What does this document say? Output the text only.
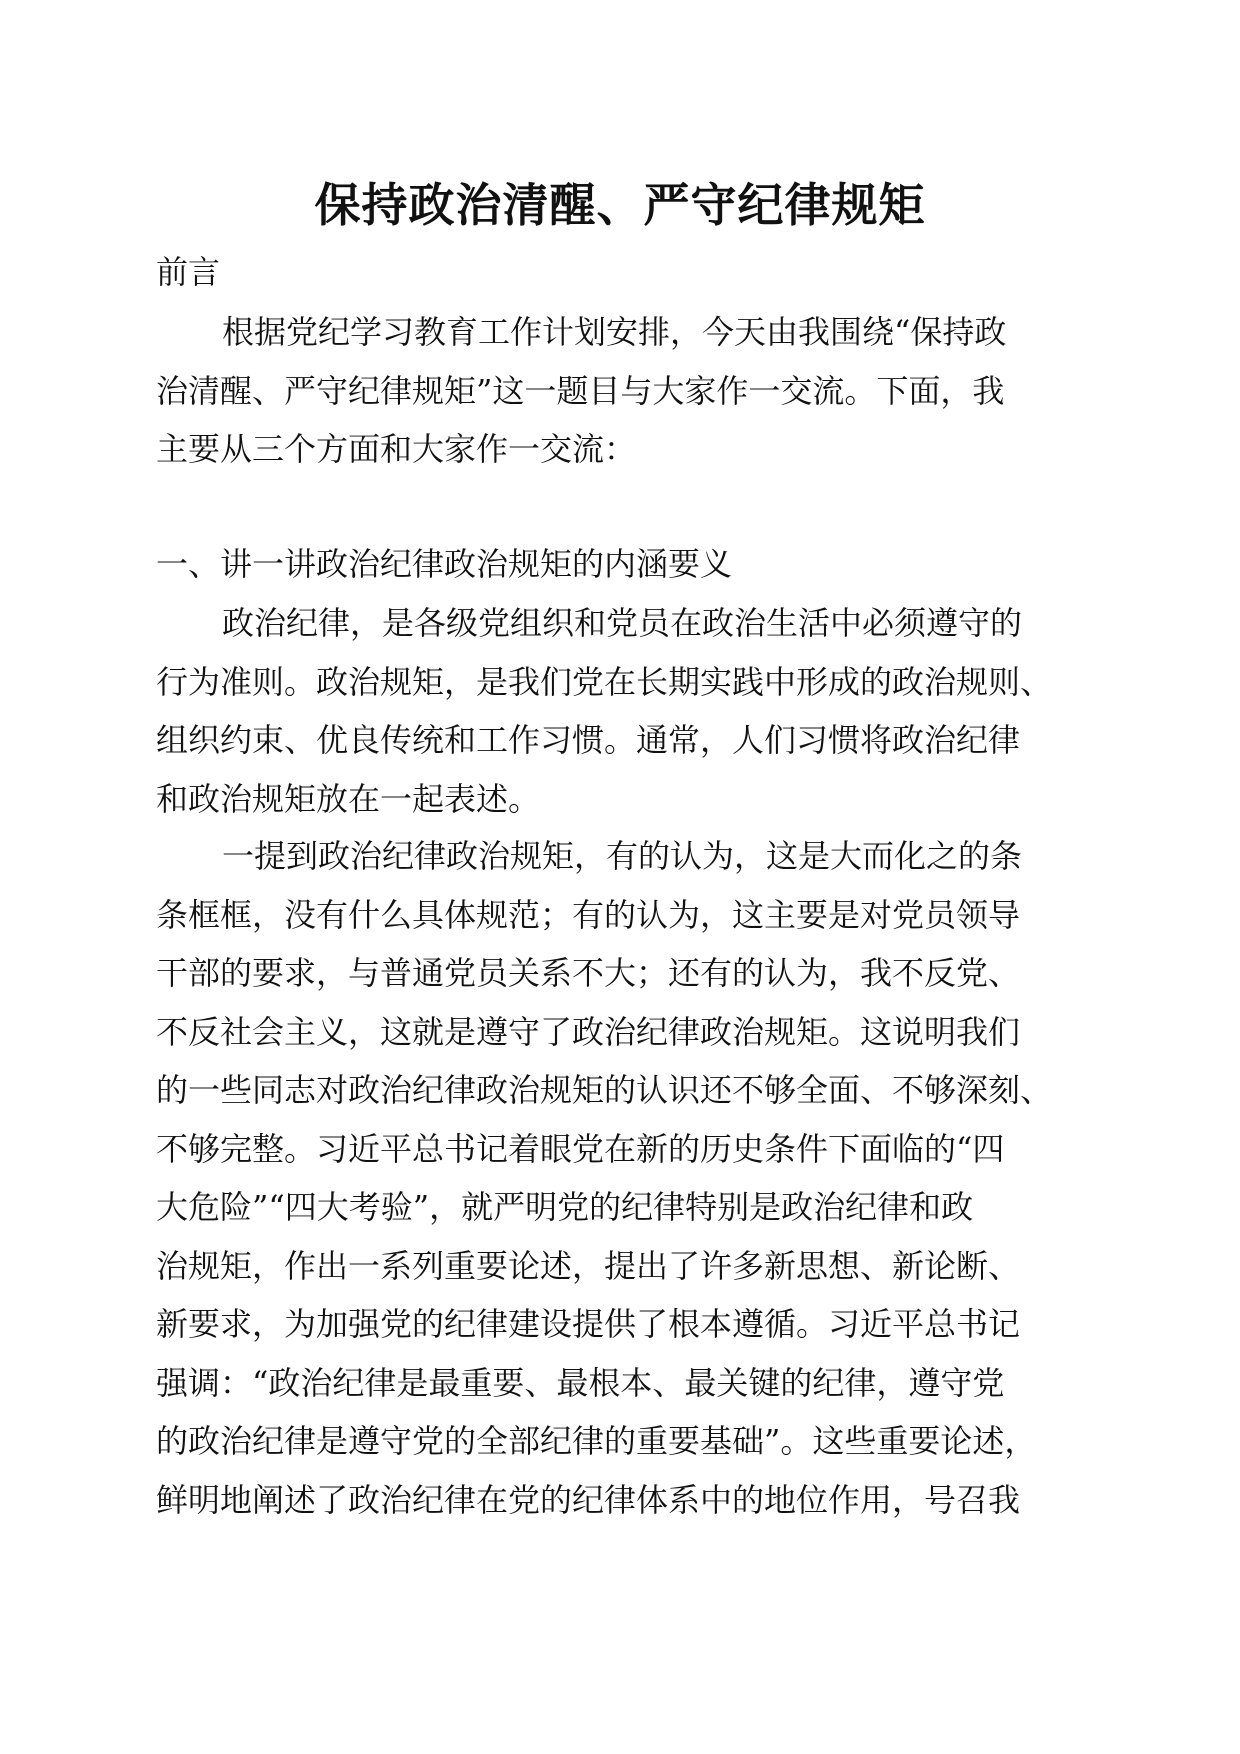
保持政治清醒、严守纪律规矩
前言
根据党纪学习教育工作计划安排，今天由我围绕“保持政
治清醒、严守纪律规矩”这一题目与大家作一交流。下面，我
主要从三个方面和大家作一交流：
一、讲一讲政治纪律政治规矩的内涵要义
政治纪律，是各级党组织和党员在政治生活中必须遵守的
行为准则。政治规矩，是我们党在长期实践中形成的政治规则、
组织约束、优良传统和工作习惯。通常，人们习惯将政治纪律
和政治规矩放在一起表述。
一提到政治纪律政治规矩，有的认为，这是大而化之的条
条框框，没有什么具体规范；有的认为，这主要是对党员领导
干部的要求，与普通党员关系不大；还有的认为，我不反党、
不反社会主义，这就是遵守了政治纪律政治规矩。这说明我们
的一些同志对政治纪律政治规矩的认识还不够全面、不够深刻、
不够完整。习近平总书记着眼党在新的历史条件下面临的“四
大危险”“四大考验”，就严明党的纪律特别是政治纪律和政
治规矩，作出一系列重要论述，提出了许多新思想、新论断、
新要求，为加强党的纪律建设提供了根本遵循。习近平总书记
强调：“政治纪律是最重要、最根本、最关键的纪律，遵守党
的政治纪律是遵守党的全部纪律的重要基础”。这些重要论述，
鲜明地阐述了政治纪律在党的纪律体系中的地位作用，号召我
